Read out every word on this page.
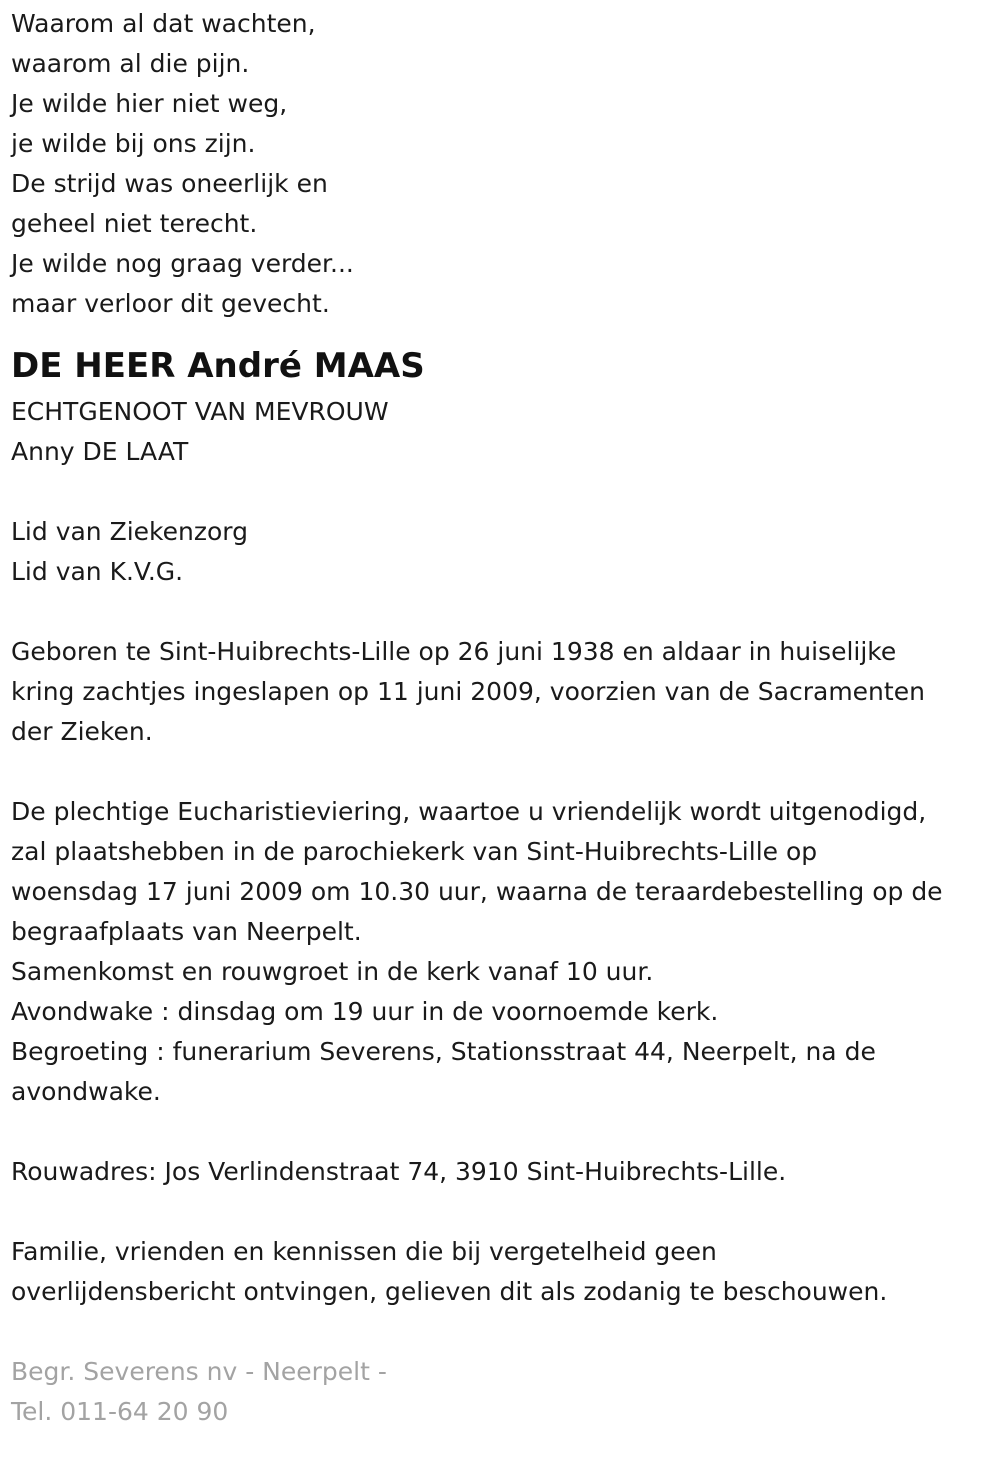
Waarom al dat wachten,

waarom al die pijn.

Je wilde hier niet weg,

je wilde bij ons zijn.

De strijd was oneerlijk en

geheel niet terecht.

Je wilde nog graag verder...

maar verloor dit gevecht.

DE HEER André MAAS

ECHTGENOOT VAN MEVROUW

Anny DE LAAT

Lid van Ziekenzorg

Lid van K.V.G.

Geboren te Sint-Huibrechts-Lille op 26 juni 1938 en aldaar in huiselijke

kring zachtjes ingeslapen op 11 juni 2009, voorzien van de Sacramenten

der Zieken.

De plechtige Eucharistieviering, waartoe u vriendelijk wordt uitgenodigd,

zal plaatshebben in de parochiekerk van Sint-Huibrechts-Lille op

woensdag 17 juni 2009 om 10.30 uur, waarna de teraardebestelling op de

begraafplaats van Neerpelt.

Samenkomst en rouwgroet in de kerk vanaf 10 uur.

Avondwake : dinsdag om 19 uur in de voornoemde kerk.

Begroeting : funerarium Severens, Stationsstraat 44, Neerpelt, na de

avondwake.

Rouwadres: Jos Verlindenstraat 74, 3910 Sint-Huibrechts-Lille.

Familie, vrienden en kennissen die bij vergetelheid geen

overlijdensbericht ontvingen, gelieven dit als zodanig te beschouwen.

Begr. Severens nv - Neerpelt -

Tel. 011-64 20 90
